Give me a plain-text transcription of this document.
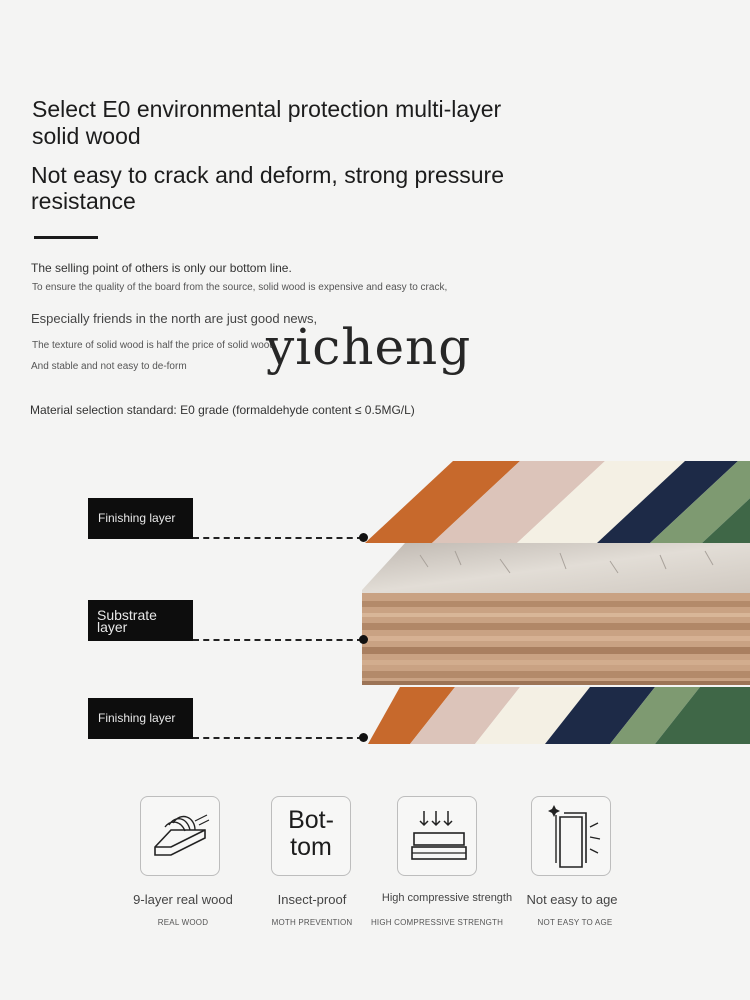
Select E0 environmental protection multi-layer solid wood
Not easy to crack and deform, strong pressure resistance
The selling point of others is only our bottom line.
To ensure the quality of the board from the source, solid wood is expensive and easy to crack,
Especially friends in the north are just good news,
The texture of solid wood is half the price of solid wood
And stable and not easy to de-form
Material selection standard: E0 grade (formaldehyde content ≤ 0.5MG/L)
yicheng
Finishing layer
Substrate layer
Finishing layer
Bot-tom
9-layer real wood
REAL WOOD
Insect-proof
MOTH PREVENTION
High compressive strength
HIGH COMPRESSIVE STRENGTH
Not easy to age
NOT EASY TO AGE
